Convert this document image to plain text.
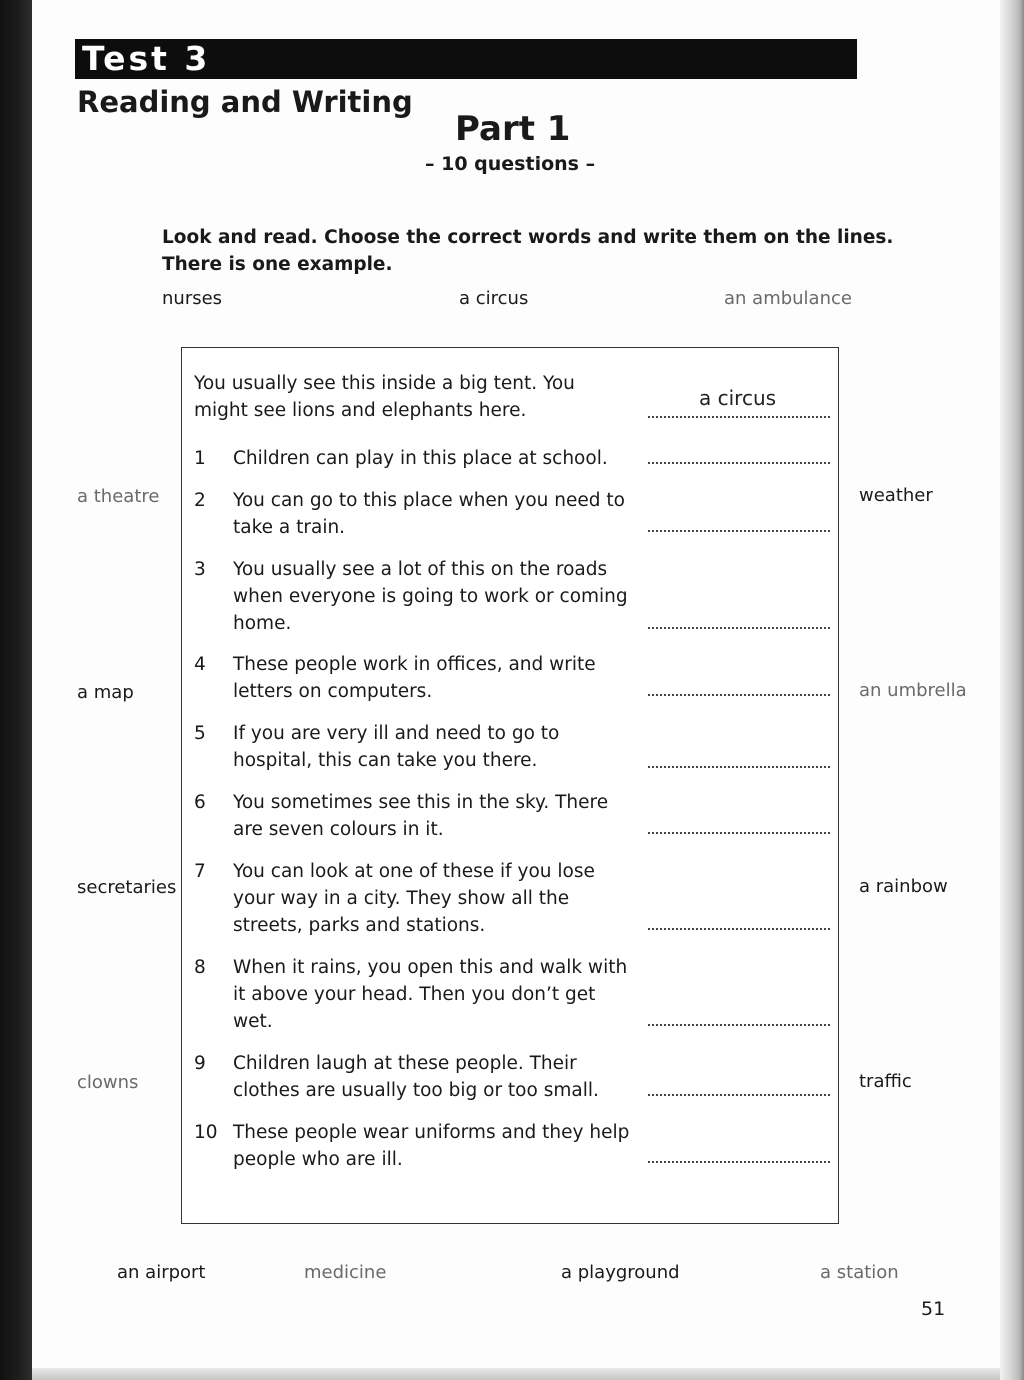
Test 3
Reading and Writing
Part 1
– 10 questions –
Look and read. Choose the correct words and write them on the lines.
There is one example.
nurses	a circus	an ambulance
a theatre
a map
secretaries
clowns
weather
an umbrella
a rainbow
traffic
an airport	medicine	a playground	a station
You usually see this inside a big tent. You might see lions and elephants here.
a circus
1	Children can play in this place at school.
2	You can go to this place when you need to take a train.
3	You usually see a lot of this on the roads when everyone is going to work or coming home.
4	These people work in offices, and write letters on computers.
5	If you are very ill and need to go to hospital, this can take you there.
6	You sometimes see this in the sky. There are seven colours in it.
7	You can look at one of these if you lose your way in a city. They show all the streets, parks and stations.
8	When it rains, you open this and walk with it above your head. Then you don’t get wet.
9	Children laugh at these people. Their clothes are usually too big or too small.
10 These people wear uniforms and they help people who are ill.
51
